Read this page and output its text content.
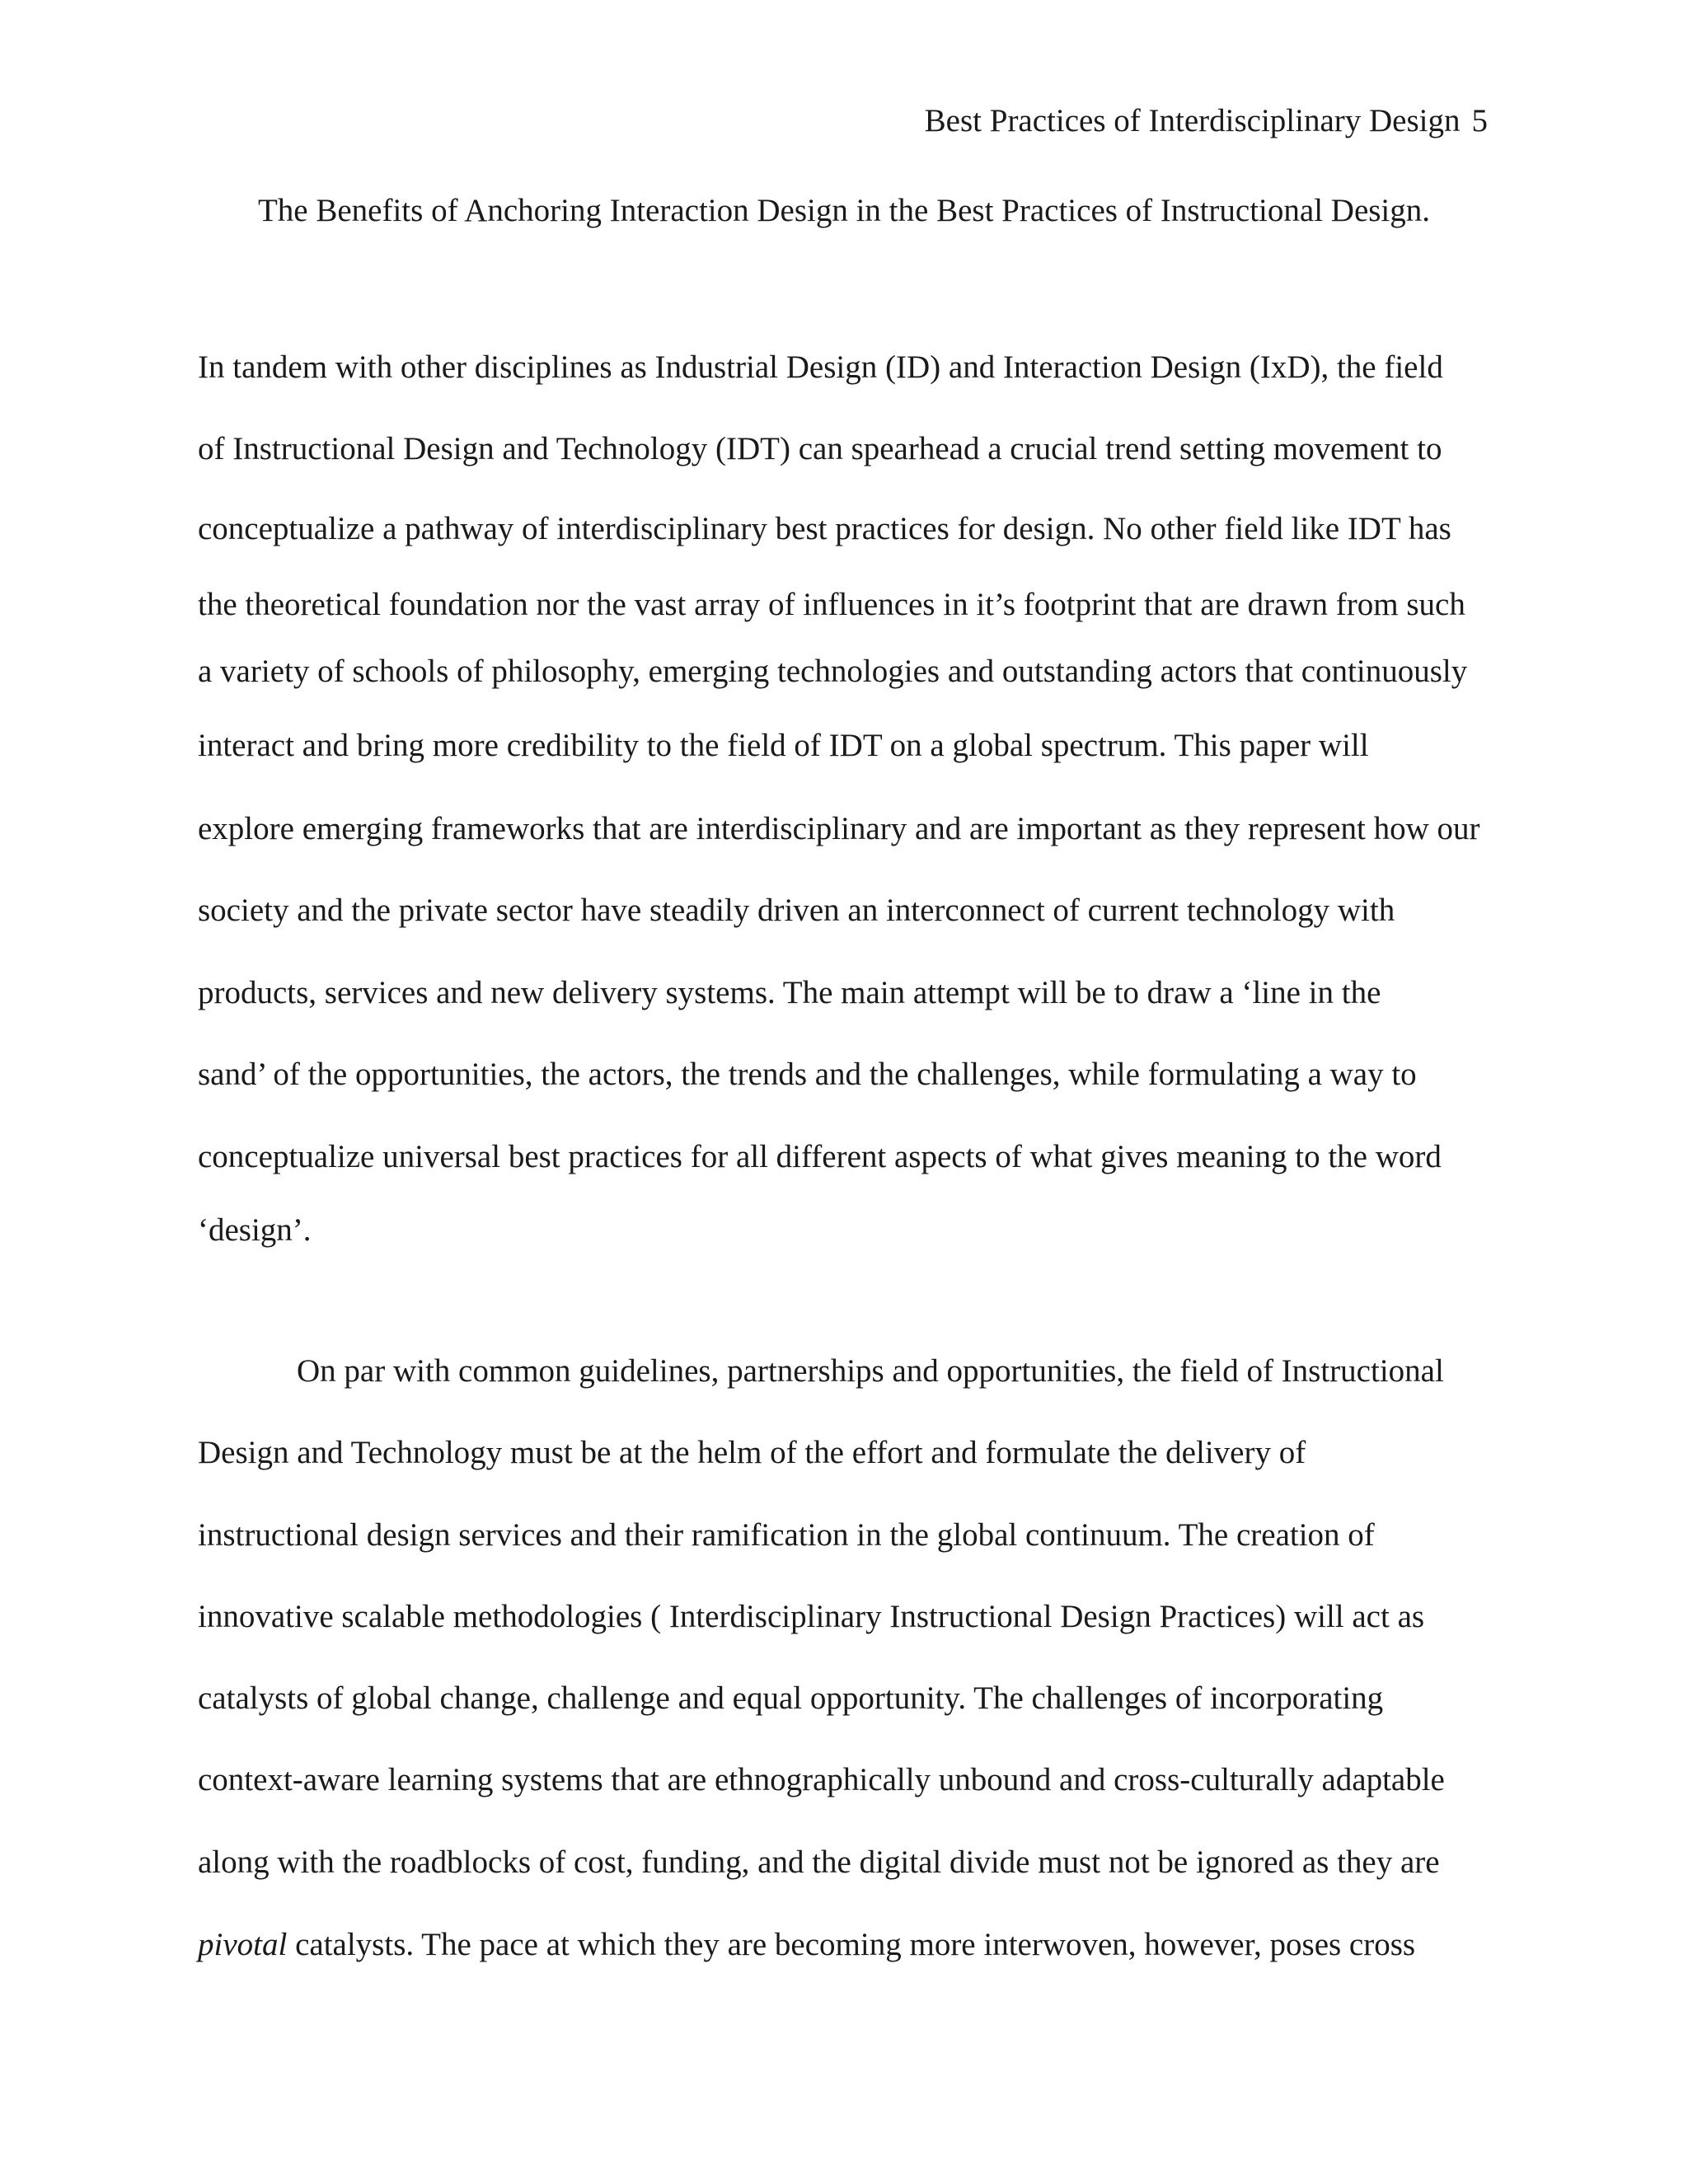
Best Practices of Interdisciplinary Design 5
The Benefits of Anchoring Interaction Design in the Best Practices of Instructional Design.
In tandem with other disciplines as Industrial Design (ID) and Interaction Design (IxD), the field
of Instructional Design and Technology (IDT) can spearhead a crucial trend setting movement to
conceptualize a pathway of interdisciplinary best practices for design. No other field like IDT has
the theoretical foundation nor the vast array of influences in it’s footprint that are drawn from such
a variety of schools of philosophy, emerging technologies and outstanding actors that continuously
interact and bring more credibility to the field of IDT on a global spectrum. This paper will
explore emerging frameworks that are interdisciplinary and are important as they represent how our
society and the private sector have steadily driven an interconnect of current technology with
products, services and new delivery systems. The main attempt will be to draw a ‘line in the
sand’ of the opportunities, the actors, the trends and the challenges, while formulating a way to
conceptualize universal best practices for all different aspects of what gives meaning to the word
‘design’.
On par with common guidelines, partnerships and opportunities, the field of Instructional
Design and Technology must be at the helm of the effort and formulate the delivery of
instructional design services and their ramification in the global continuum. The creation of
innovative scalable methodologies ( Interdisciplinary Instructional Design Practices) will act as
catalysts of global change, challenge and equal opportunity. The challenges of incorporating
context-aware learning systems that are ethnographically unbound and cross-culturally adaptable
along with the roadblocks of cost, funding, and the digital divide must not be ignored as they are
pivotal catalysts. The pace at which they are becoming more interwoven, however, poses cross
